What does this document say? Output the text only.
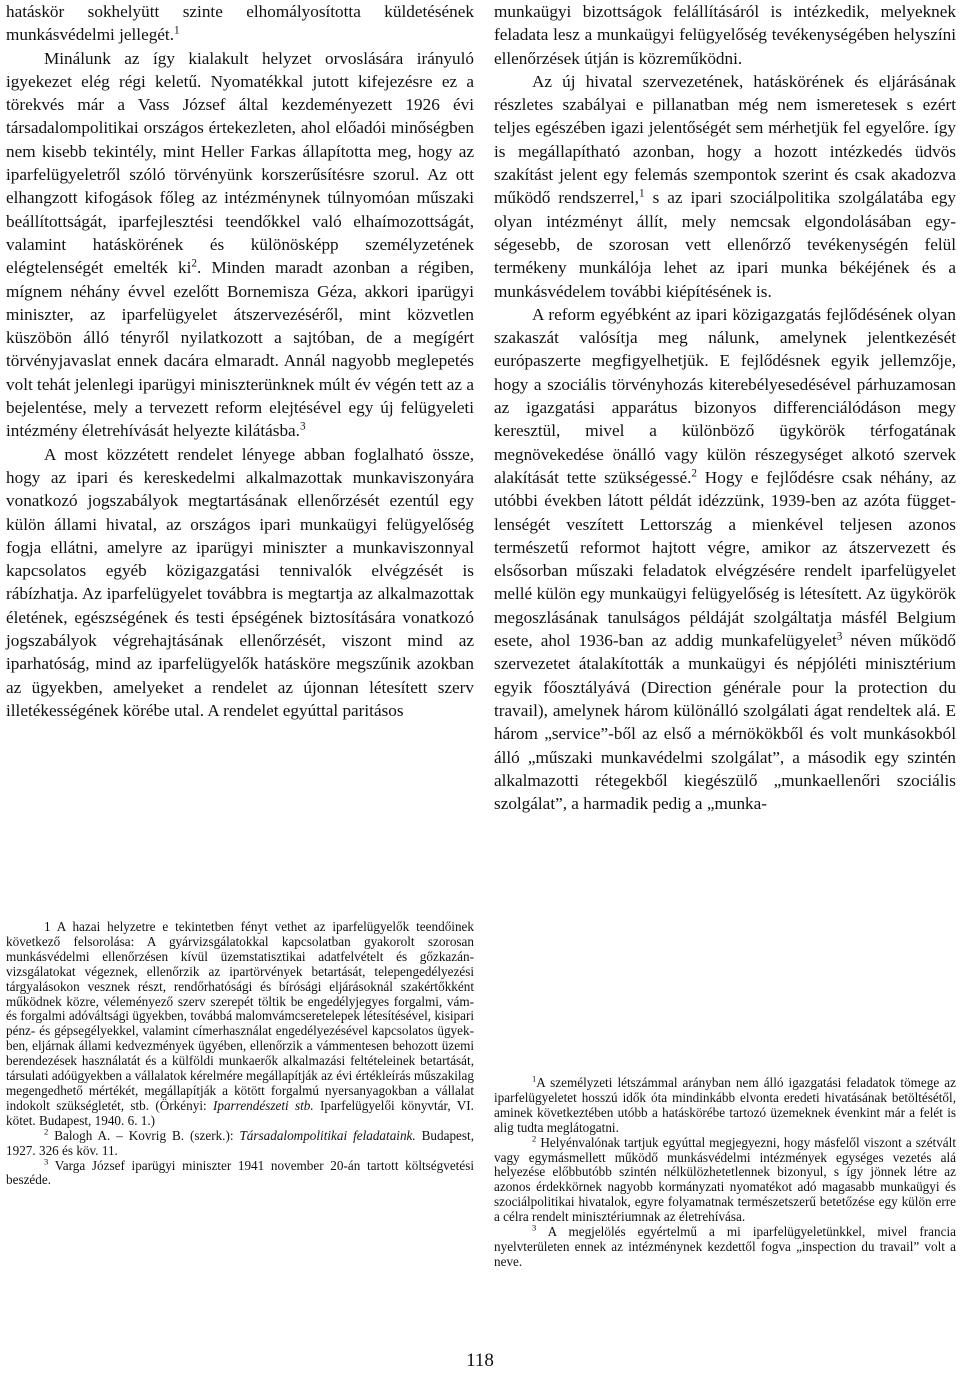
hatáskör sokhelyütt szinte elhomályosította küldetésének munkásvédelmi jellegét.$^1$

Minálunk az így kialakult helyzet orvoslására irányuló igyekezet elég régi keletű. Nyomatékkal jutott kifejezésre ez a törekvés már a Vass József által kezdeményezett 1926 évi társadalompolitikai országos értekezleten, ahol előadói minőségben nem kisebb tekintély, mint Heller Farkas állapította meg, hogy az iparfelügyeletről szóló törvényünk korszerűsítésre szorul. Az ott elhangzott kifogások főleg az intézménynek túlnyomóan műszaki beállítottságát, iparfejlesztési teendőkkel való elhaímozottságát, valamint hatáskörének és különösképp személyzetének elégtelenségét emelték $ki^2$. Minden maradt azonban a régiben, mígnem néhány évvel ezelőtt Bornemisza Géza, akkori iparügyi miniszter, az iparfelügyelet átszervezéséről, mint közvetlen küszöbön álló tényről nyilatkozott a sajtóban, de a megígért törvényjavaslat ennek dacára elmaradt. Annál nagyobb meglepetés volt tehát jelenlegi iparügyi miniszterünknek múlt év végén tett az a bejelentése, mely a tervezett reform elejtésével egy új felügyeleti intézmény életrehívását helyezte kilátásba.$^3$

A most közzétett rendelet lényege abban foglalható össze, hogy az ipari és kereskedelmi alkalmazottak munkaviszonyára vonatkozó jogszabályok megtartásának ellenőrzését ezentúl egy külön állami hivatal, az országos ipari munkaügyi felügyelőség fogja ellátni, amelyre az iparügyi miniszter a munkaviszonnyal kapcsolatos egyéb közigazgatási tennivalók elvégzését is rábízhatja. Az iparfelügyelet továbbra is megtartja az alkalmazottak életének, egészségének és testi épségének biztosítására vonatkozó jogszabályok végrehajtásának ellenőrzését, viszont mind az iparhatóság, mind az iparfelügyelők hatásköre megszűnik azokban az ügyekben, amelyeket a rendelet az újonnan létesített szerv illetékességének körébe utal. A rendelet egyúttal paritásos

1 A hazai helyzetre e tekintetben fényt vethet az iparfelügyelők teendőinek következő felsorolása: A gyárvizsgálatokkal kapcsolatban gyakorolt szorosan munkásvédelmi ellenőrzésen kívül üzemstatisztikai adatfelvételt és gőzkazánvizsgálatokat végeznek, ellenőrzik az ipartörvények betartását, telepengedélyezési tárgyalásokon vesznek részt, rendőrhatósági és bírósági eljárásoknál szakértőkként működnek közre, véleményező szerv szerepét töltik be engedélyjegyes forgalmi, vám- és forgalmi adóváltsági ügyekben, továbbá malomvámcseretelepek létesítésével, kisipari pénz- és gépsegélyekkel, valamint címerhasználat engedélyezésével kapcsolatos ügyekben, eljárnak állami kedvezmények ügyében, ellenőrzik a vámmentesen behozott üzemi berendezések használatát és a külföldi munkaerők alkalmazási feltételeinek betartását, társulati adóügyekben a vállalatok kérelmére megállapítják az évi értékleírás műszakilag megengedhető mértékét, megállapítják a kötött forgalmú nyersanyagokban a vállalat indokolt szükségletét, stb. (Örkényi: Iparrendészeti stb. Iparfelügyelői könyvtár, VI. kötet. Budapest, 1940. 6. 1.)

$^2$ Balogh A. – Kovrig B. (szerk.): Társadalompolitikai feladataink. Budapest, 1927. 326 és köv. 11.

$^3$ Varga József iparügyi miniszter 1941 november 20-án tartott költségvetési beszéde.

munkaügyi bizottságok felállításáról is intézkedik, melyeknek feladata lesz a munkaügyi felügyelőség tevékenységében helyszíni ellenőrzések útján is közreműködni.

Az új hivatal szervezetének, hatáskörének és eljárásának részletes szabályai e pillanatban még nem ismeretesek s ezért teljes egészében igazi jelentőségét sem mérhetjük fel egyelőre. így is megállapítható azonban, hogy a hozott intézkedés üdvös szakítást jelent egy felemás szempontok szerint és csak akadozva működő rendszerrel,$^1$ s az ipari szociálpolitika szolgálatába egy olyan intézményt állít, mely nemcsak elgondolásában egységesebb, de szorosan vett ellenőrző tevékenységén felül termékeny munkálója lehet az ipari munka békéjének és a munkásvédelem további kiépítésének is.

A reform egyébként az ipari közigazgatás fejlődésének olyan szakaszát valósítja meg nálunk, amelynek jelentkezését európaszerte megfigyelhetjük. E fejlődésnek egyik jellemzője, hogy a szociális törvényhozás kiterebélyesedésével párhuzamosan az igazgatási apparátus bizonyos differenciálódáson megy keresztül, mivel a különböző ügykörök térfogatának megnövekedése önálló vagy külön részegységet alkotó szervek alakítását tette szükségessé.$^2$ Hogy e fejlődésre csak néhány, az utóbbi években látott példát idézzünk, 1939-ben az azóta függetlenségét veszített Lettország a mienkével teljesen azonos természetű reformot hajtott végre, amikor az átszervezett és elsősorban műszaki feladatok elvégzésére rendelt iparfelügyelet mellé külön egy munkaügyi felügyelőség is létesített. Az ügykörök megoszlásának tanulságos példáját szolgáltatja másfél Belgium esete, ahol 1936-ban az addig munkafelügyelet$^3$ néven működő szervezetet átalakították a munkaügyi és népjóléti minisztérium egyik főosztályává (Direction générale pour la protection du travail), amelynek három különálló szolgálati ágat rendeltek alá. E három „service”-ből az első a mérnökökből és volt munkásokból álló „műszaki munkavédelmi szolgálat”, a második egy szintén alkalmazotti rétegekből kiegészülő „munkaellenőri szociális szolgálat”, a harmadik pedig a „munka-

$^1$A személyzeti létszámmal arányban nem álló igazgatási feladatok tömege az iparfelügyeletet hosszú idők óta mindinkább elvonta eredeti hivatásának betöltésétől, aminek következtében utóbb a hatáskörébe tartozó üzemeknek évenkint már a felét is alig tudta meglátogatni.

$^2$ Helyénvalónak tartjuk egyúttal megjegyezni, hogy másfelől viszont a szétvált vagy egymásmellett működő munkásvédelmi intézmények egységes vezetés alá helyezése előbbutóbb szintén nélkülözhetetlennek bizonyul, s így jönnek létre az azonos érdekkörnek nagyobb kormányzati nyomatékot adó magasabb munkaügyi és szociálpolitikai hivatalok, egyre folyamatnak természetszerű betetőzése egy külön erre a célra rendelt minisztériumnak az életrehívása.

$^3$ A megjelölés egyértelmű a mi iparfelügyeletünkkel, mivel francia nyelvterületen ennek az intézménynek kezdettől fogva „inspection du travail” volt a neve.

118
